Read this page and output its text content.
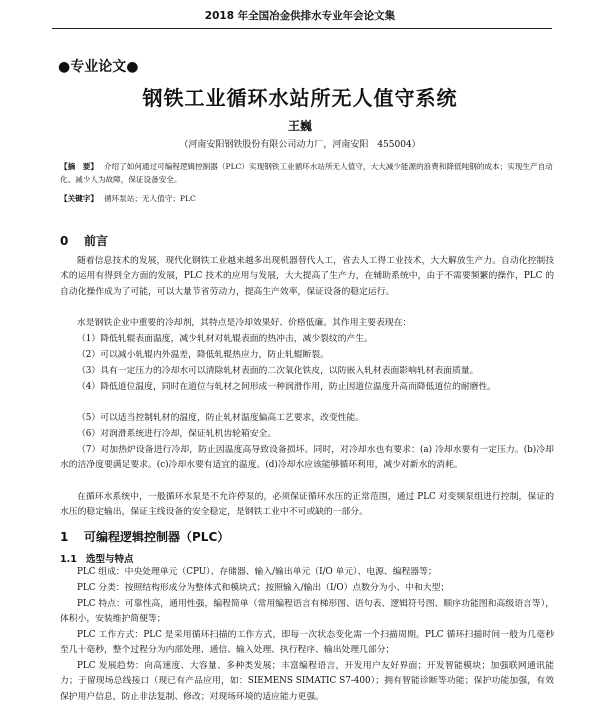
2018 年全国冶金供排水专业年会论文集
●专业论文●
钢铁工业循环水站所无人值守系统
王巍
（河南安阳钢铁股份有限公司动力厂，河南安阳　455004）
【摘　要】 介绍了如何通过可编程逻辑控制器（PLC）实现钢铁工业循环水站所无人值守，大大减少能源的浪费和降低吨钢的成本；实现生产自动化、减少人为故障，保证设备安全。
【关键字】 循环泵站；无人值守；PLC
0 前言
随着信息技术的发展，现代化钢铁工业越来越多出现机器替代人工，省去人工得工业技术，大大解放生产力。自动化控制技术的运用有得到全方面的发展，PLC 技术的应用与发展，大大提高了生产力，在辅助系统中，由于不需要频繁的操作，PLC 的自动化操作成为了可能，可以大量节省劳动力，提高生产效率，保证设备的稳定运行。
水是钢铁企业中重要的冷却剂，其特点是冷却效果好、价格低廉。其作用主要表现在：
（1）降低轧辊表面温度，减少轧材对轧辊表面的热冲击，减少裂纹的产生。
（2）可以减小轧辊内外温差，降低轧辊热应力，防止轧辊断裂。
（3）具有一定压力的冷却水可以清除轧材表面的二次氧化铁皮，以防嵌入轧材表面影响轧材表面质量。
（4）降低道位温度，同时在道位与轧材之间形成一种润滑作用，防止因道位温度升高而降低道位的耐磨性。
（5）可以适当控制轧材的温度，防止轧材温度偏高工艺要求，改变性能。
（6）对润滑系统进行冷却，保证轧机齿轮箱安全。
（7）对加热炉设备进行冷却，防止因温度高导致设备损坏。同时，对冷却水也有要求：(a) 冷却水要有一定压力。(b)冷却水的洁净度要满足要求。(c)冷却水要有适宜的温度。(d)冷却水应该能够循环利用，减少对新水的消耗。
在循环水系统中，一般循环水泵是不允许停泵的，必须保证循环水压的正常范围，通过 PLC 对变频泵组进行控制，保证的水压的稳定输出，保证主线设备的安全稳定，是钢铁工业中不可或缺的一部分。
1 可编程逻辑控制器（PLC）
1.1 选型与特点
PLC 组成：中央处理单元（CPU）、存储器、输入/输出单元（I/O 单元）、电源、编程器等；
PLC 分类：按照结构形成分为整体式和模块式；按照输入/输出（I/O）点数分为小、中和大型；
PLC 特点：可靠性高，通用性强，编程简单（常用编程语言有梯形图、语句表、逻辑符号图、顺序功能图和高级语言等），体积小，安装维护简便等；
PLC 工作方式：PLC 是采用循环扫描的工作方式，即每一次状态变化需一个扫描周期。PLC 循环扫描时间一般为几毫秒至几十毫秒，整个过程分为内部处理、通信、输入处理、执行程序、输出处理几部分；
PLC 发展趋势：向高速度、大容量、多种类发展；丰富编程语言，开发用户友好界面；开发智能模块；加强联网通讯能力；于留现场总线接口（现已有产品应用，如：SIEMENS SIMATIC S7-400）；拥有智能诊断等功能；保护功能加强，有效保护用户信息，防止非法复制、修改；对现场环境的适应能力更强。
